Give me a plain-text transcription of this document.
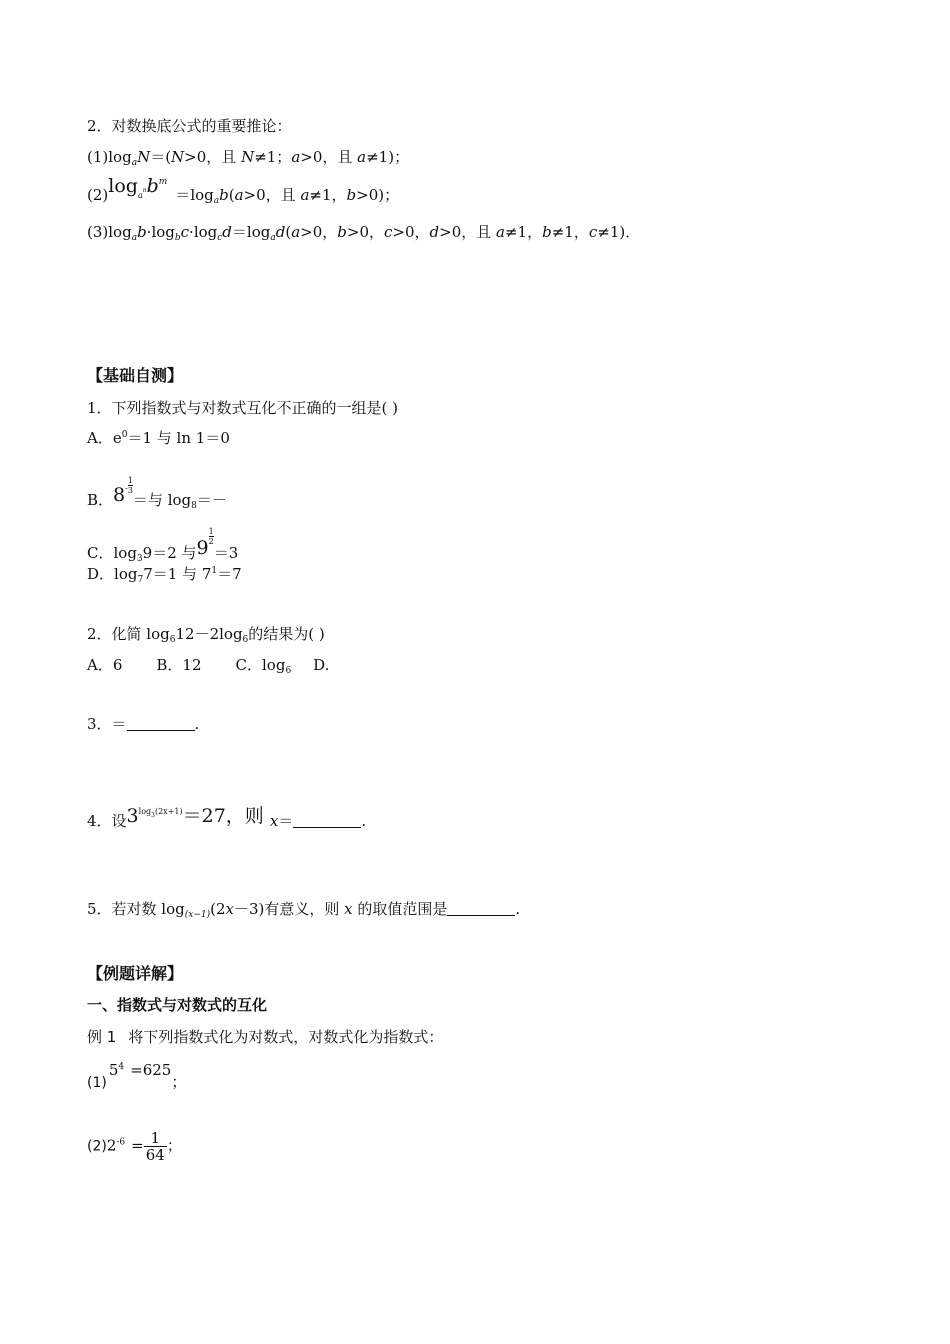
2．对数换底公式的重要推论：
$(1)\log_aN=(N>0$，且 N≠1；a>0，且 a≠1)；
$(2)\log a^nb^m=\log_ab(a>0$，且 a≠1，b>0)；
$(3)\log_ab\cdot\log_bc\cdot\log_cd=\log_ad(a>0$，b>0，c>0，d>0，且 a≠1，b≠1，c≠1)．
【基础自测】
1．下列指数式与对数式互化不正确的一组是( )
A．$e^0=1$ 与 ln 1＝0
B．$8^- \frac{1}{3}=$与 $\log_8=-$
C．$\log_39=2$ 与9
$\frac{1}{2}=3$
D．$\log_77=1$ 与 $7^1=7$
2．化简 $\log_612-2\log_6$的结果为( )
A．6 B．12 C．$\log_6 D$.
3．＝	.
4．设$3^{log_3(2x+1)}=27$，则 x＝	.
5．若对数 $\log_{(x-1)}(2x-3)$有意义，则 x 的取值范围是	.
【例题详解】
一、指数式与对数式的互化
例 1 将下列指数式化为对数式，对数式化为指数式：
$(1)5^4 =625$；
$(2)2^{-6} = \frac{1}{64}$ ；
